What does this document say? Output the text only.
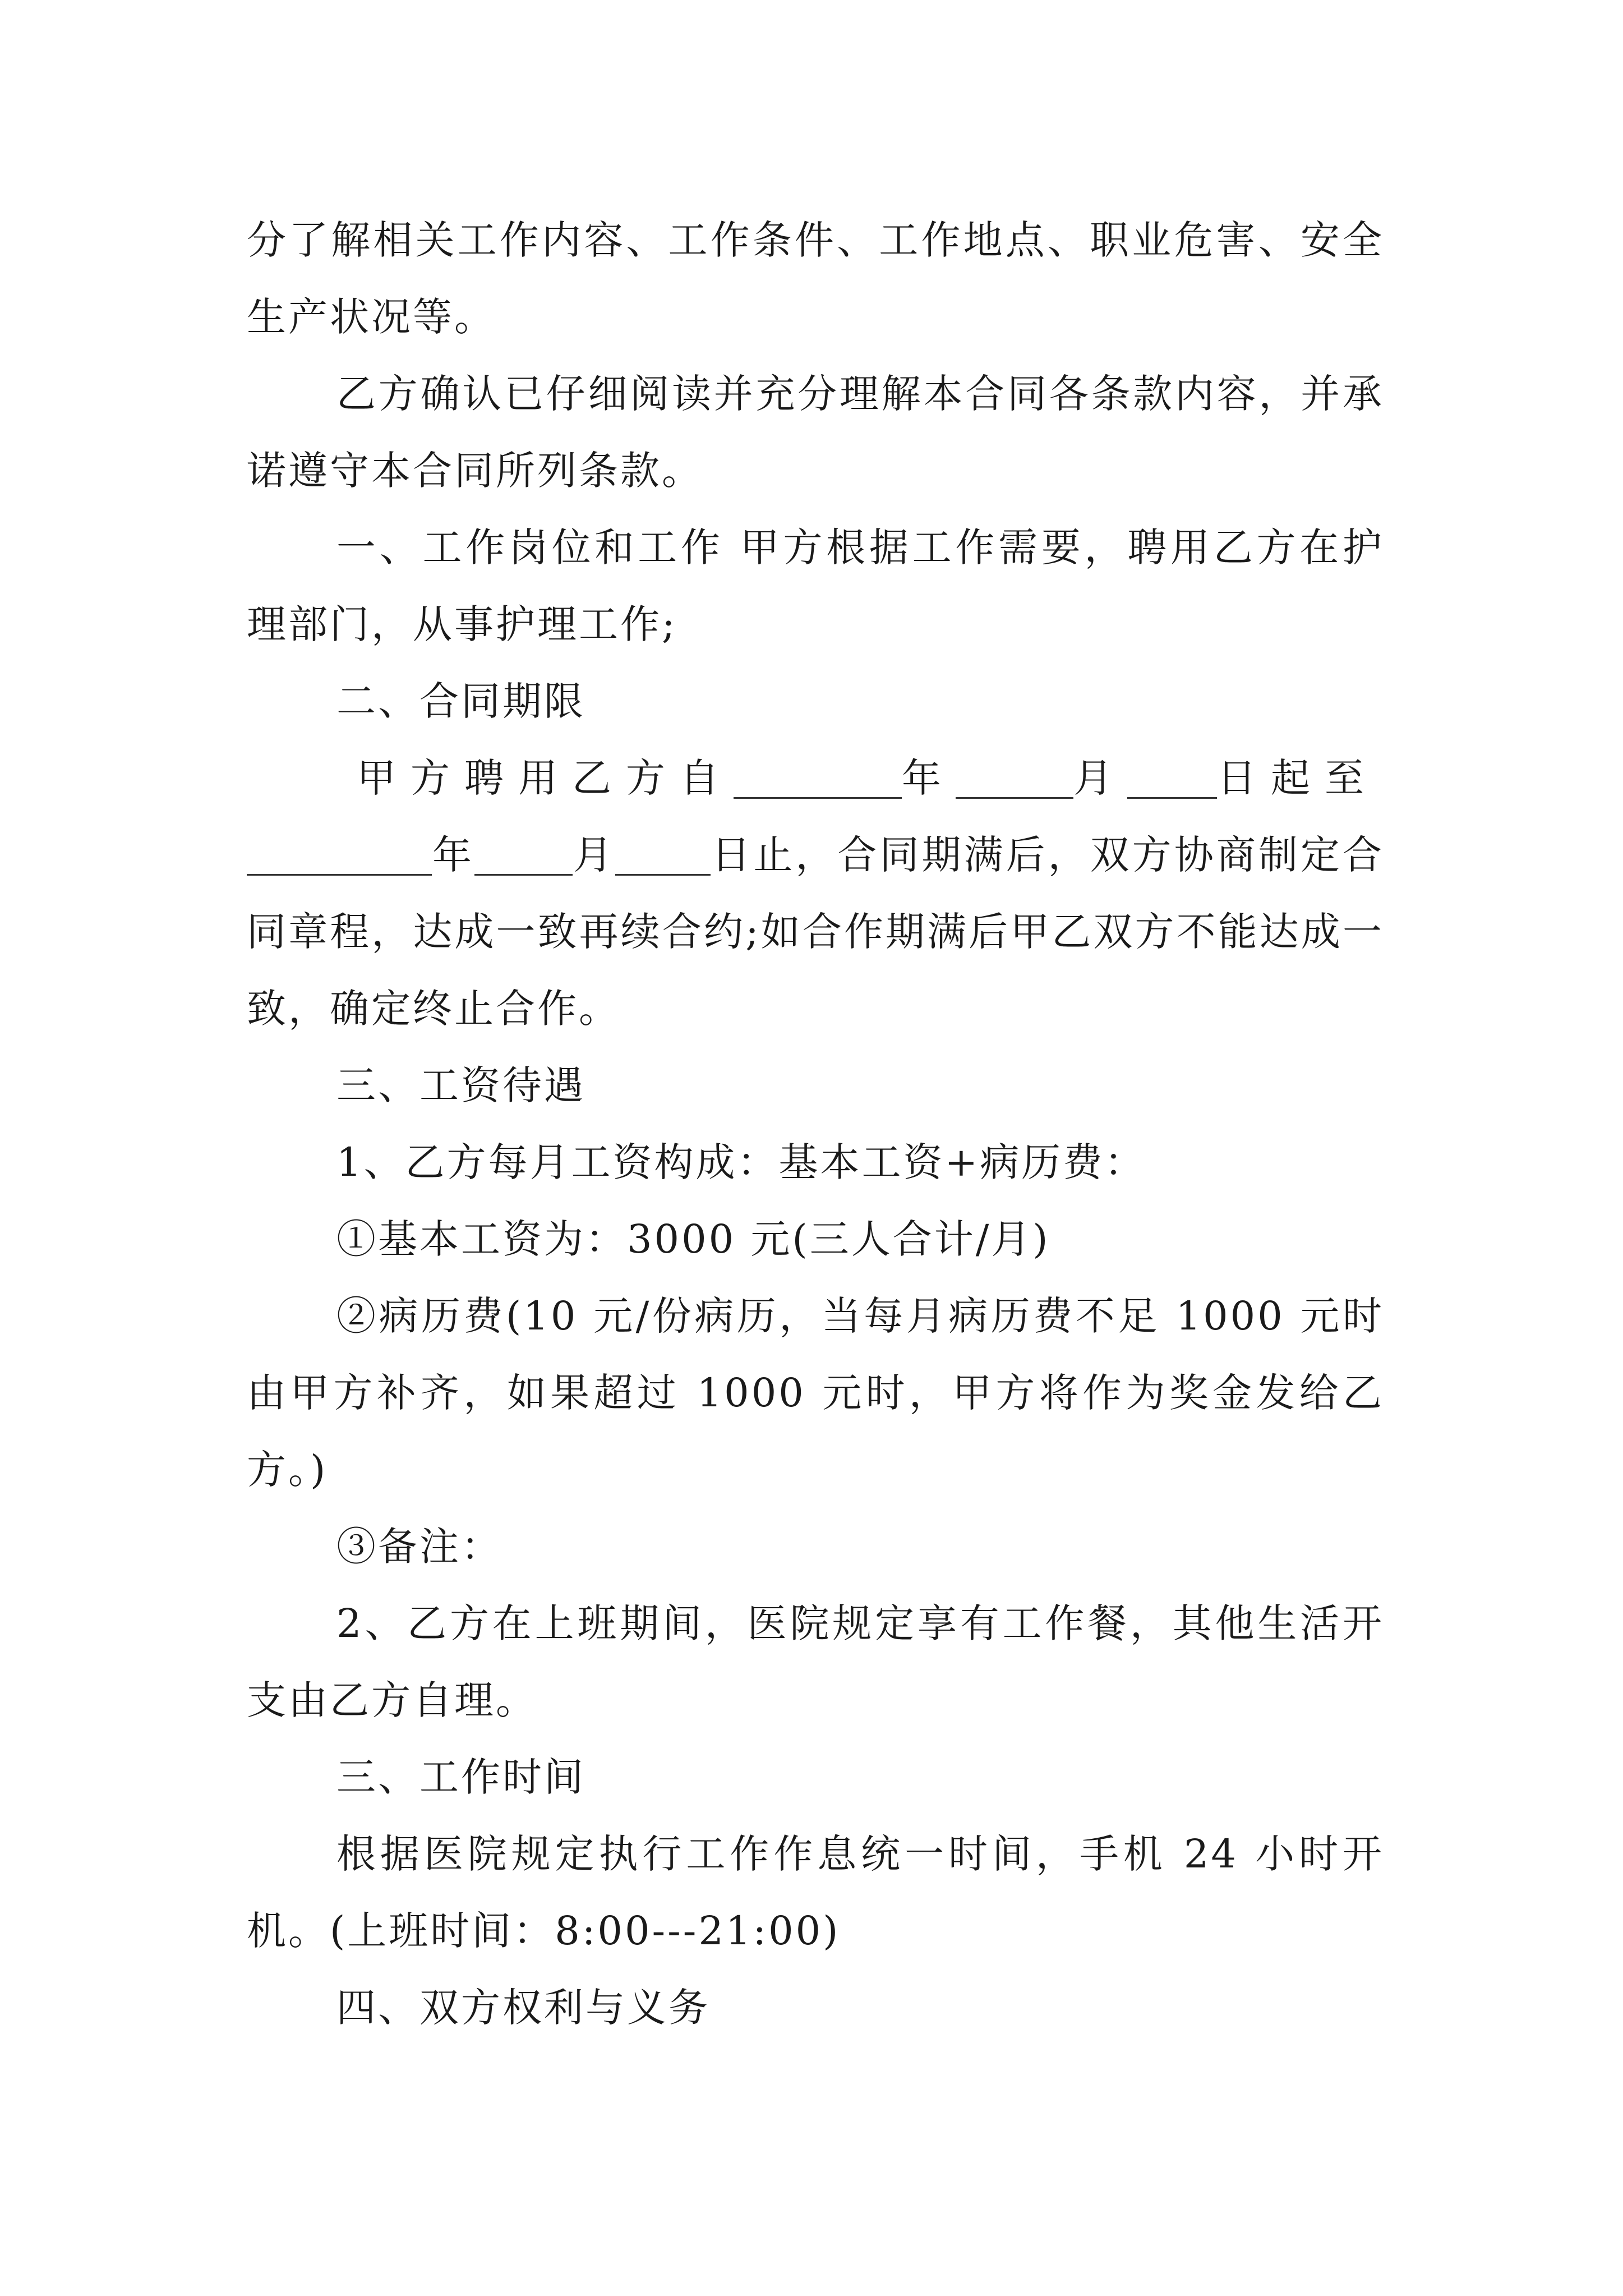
分了解相关工作内容、工作条件、工作地点、职业危害、安全生产状况等。

乙方确认已仔细阅读并充分理解本合同各条款内容，并承诺遵守本合同所列条款。

一、工作岗位和工作 甲方根据工作需要，聘用乙方在护理部门，从事护理工作;

二、合同期限

甲方聘用乙方自	年	月 日起至

年	月 日止，合同期满后，双方协商制定合同章程，达成一致再续合约;如合作期满后甲乙双方不能达成一致，确定终止合作。

三、工资待遇

1、乙方每月工资构成：基本工资+病历费：

①基本工资为：3000 元(三人合计/月)

②病历费(10 元/份病历，当每月病历费不足 1000 元时由甲方补齐，如果超过 1000 元时，甲方将作为奖金发给乙方。)

③备注：

2、乙方在上班期间，医院规定享有工作餐，其他生活开支由乙方自理。

三、工作时间

根据医院规定执行工作作息统一时间，手机 24 小时开机。(上班时间：8:00---21:00)

四、双方权利与义务
